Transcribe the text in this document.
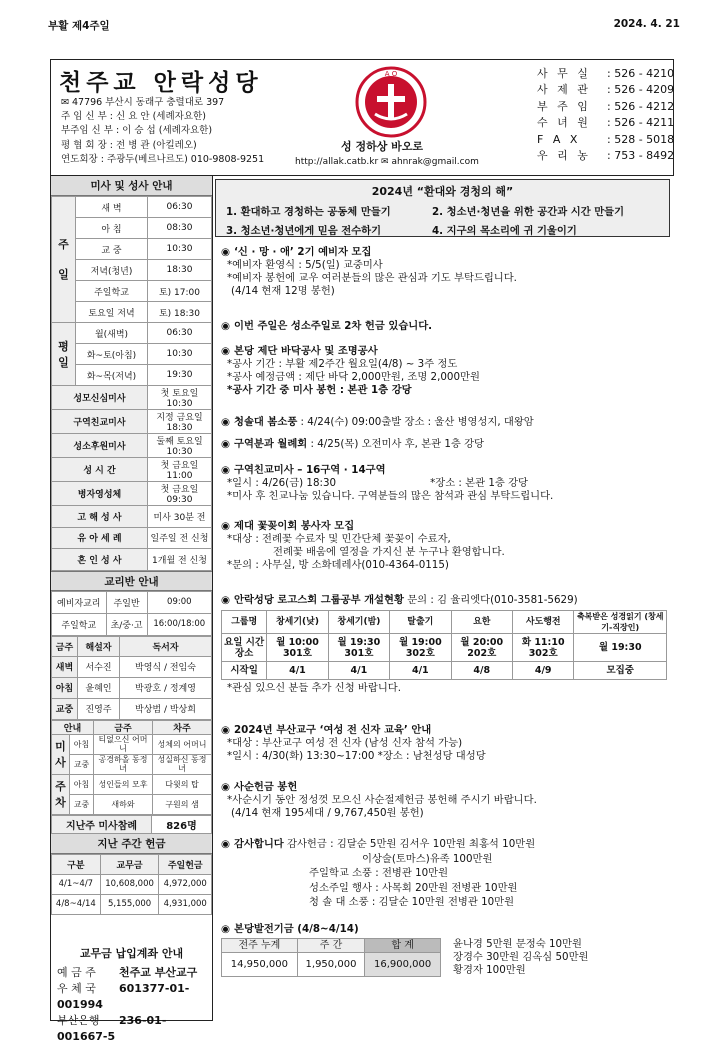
부활 제4주일	2024. 4. 21
천주교 안락성당
✉ 47796 부산시 동래구 충렬대로 397
주 임 신 부 : 신 요 안 (세례자요한)
부주임 신 부 : 이 승 섭 (세례자요한)
평 협 회 장 : 전 병 관 (아킬레오)
연도회장 : 주광두(베르나르도) 010-9808-9251
A O
성 정하상 바오로
http://allak.catb.kr ✉ ahnrak@gmail.com
사 무 실	: 526 - 4210
사 제 관	: 526 - 4209
부 주 임	: 526 - 4212
수 녀 원	: 526 - 4211
F A X	: 528 - 5018
우 리 농	: 753 - 8492
미사 및 성사 안내
주
일	새 벽	06:30
	아 침	08:30
	교 중	10:30
	저녁(청년)	18:30
	주일학교	토) 17:00
	토요일 저녁	토) 18:30
평
일	월(새벽)	06:30
	화~토(아침)	10:30
	화~목(저녁)	19:30
성모신심미사		첫 토요일 10:30
구역친교미사		지정 금요일 18:30
성소후원미사		둘째 토요일 10:30
성 시 간		첫 금요일 11:00
병자영성체		첫 금요일 09:30
고 해 성 사		미사 30분 전
유 아 세 례		일주일 전 신청
혼 인 성 사		1개월 전 신청
교리반 안내
예비자교리	주일반	09:00
주일학교	초/중·고	16:00/18:00
금주	해설자	독서자
새벽	서수진	박영식 / 전임숙
아침	윤혜인	박광호 / 정계영
교중	진영주	박상범 / 박상희
안내		금주	차주
미
사	아침	티없으신 어머니	성체의 어머니
	교중	공경하올 동정녀	성실하신 동정녀
주
차	아침	성인들의 모후	다윗의 탑
	교중	새하와	구원의 샘
지난주 미사참례	826명
지난 주간 헌금
구분	교무금	주일헌금
4/1~4/7	10,608,000	4,972,000
4/8~4/14	5,155,000	4,931,000
교무금 납입계좌 안내
예 금 주 천주교 부산교구
우 체 국 601377-01-001994
부산은행 236-01-001667-5
2024년 “환대와 경청의 해”
1. 환대하고 경청하는 공동체 만들기	2. 청소년·청년을 위한 공간과 시간 만들기
3. 청소년·청년에게 믿음 전수하기	4. 지구의 목소리에 귀 기울이기
◉ ‘신 · 망 · 애’ 2기 예비자 모집
*예비자 환영식 : 5/5(일) 교중미사
*예비자 봉헌에 교우 여러분들의 많은 관심과 기도 부탁드립니다.
(4/14 현재 12명 봉헌)
◉ 이번 주일은 성소주일로 2차 헌금 있습니다.
◉ 본당 제단 바닥공사 및 조명공사
*공사 기간 : 부활 제2주간 월요일(4/8) ~ 3주 정도
*공사 예정금액 : 제단 바닥 2,000만원, 조명 2,000만원
*공사 기간 중 미사 봉헌 : 본관 1층 강당
◉ 청솔대 봄소풍 : 4/24(수) 09:00출발 장소 : 울산 병영성지, 대왕암
◉ 구역분과 월례회 : 4/25(목) 오전미사 후, 본관 1층 강당
◉ 구역친교미사 – 16구역 · 14구역
*일시 : 4/26(금) 18:30	*장소 : 본관 1층 강당
*미사 후 친교나눔 있습니다. 구역분들의 많은 참석과 관심 부탁드립니다.
◉ 제대 꽃꽂이회 봉사자 모집
*대상 : 전례꽃 수료자 및 민간단체 꽃꽂이 수료자,
전례꽃 배움에 열정을 가지신 분 누구나 환영합니다.
*문의 : 사무실, 방 소화데레사(010-4364-0115)
◉ 안락성당 로고스회 그룹공부 개설현황 문의 : 김 율리엣다(010-3581-5629)
그룹명	창세기(낮)	창세기(밤)	탈출기	요한	사도행전	축복받은 성경읽기 (창세기-직장인)
요일 시간 장소	월 10:00 301호	월 19:30 301호	월 19:00 302호	월 20:00 202호	화 11:10 302호	월 19:30
시작일	4/1	4/1	4/1	4/8	4/9	모집중
*관심 있으신 분들 추가 신청 바랍니다.
◉ 2024년 부산교구 ‘여성 전 신자 교육’ 안내
*대상 : 부산교구 여성 전 신자 (남성 신자 참석 가능)
*일시 : 4/30(화) 13:30~17:00 *장소 : 남천성당 대성당
◉ 사순헌금 봉헌
*사순시기 동안 정성껏 모으신 사순절제헌금 봉헌해 주시기 바랍니다.
(4/14 현재 195세대 / 9,767,450원 봉헌)
◉ 감사합니다 감사헌금 : 김달순 5만원 김서우 10만원 최홍석 10만원
이상술(토마스)유족 100만원
주일학교 소풍 : 전병관 10만원
성소주일 행사 : 사목회 20만원 전병관 10만원
청 솔 대 소풍 : 김달순 10만원 전병관 10만원
◉ 본당발전기금 (4/8~4/14)
전주 누계	주 간	합 계
14,950,000	1,950,000	16,900,000
윤나경 5만원 문정숙 10만원
장경수 30만원 김옥심 50만원
황경자 100만원
